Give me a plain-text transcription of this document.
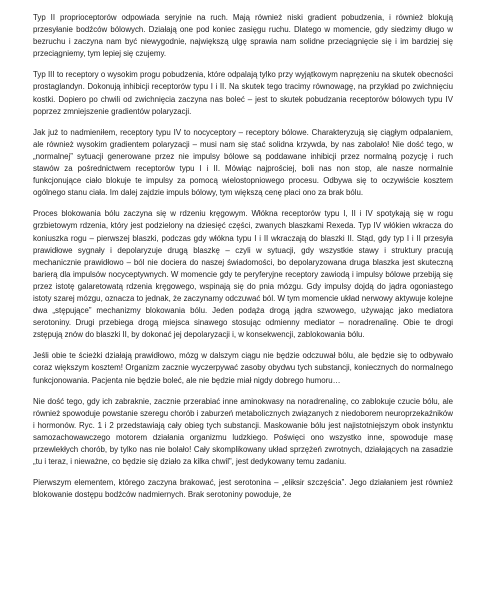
Typ II proprioceptorów odpowiada seryjnie na ruch. Mają również niski gradient pobudzenia, i również blokują przesyłanie bodźców bólowych. Działają one pod koniec zasięgu ruchu. Dlatego w momencie, gdy siedzimy długo w bezruchu i zaczyna nam być niewygodnie, największą ulgę sprawia nam solidne przeciągnięcie się i im bardziej się przeciągniemy, tym lepiej się czujemy.

Typ III to receptory o wysokim progu pobudzenia, które odpalają tylko przy wyjątkowym napręzeniu na skutek obecności prostaglandyn. Dokonują inhibicji receptorów typu I i II. Na skutek tego tracimy równowagę, na przykład po zwichnięciu kostki. Dopiero po chwili od zwichnięcia zaczyna nas boleć – jest to skutek pobudzania receptorów bólowych typu IV poprzez zmniejszenie gradientów polaryzacji.

Jak już to nadmieniłem, receptory typu IV to nocyceptory – receptory bólowe. Charakteryzują się ciągłym odpalaniem, ale również wysokim gradientem polaryzacji – musi nam się stać solidna krzywda, by nas zabolało! Nie dość tego, w „normalnej” sytuacji generowane przez nie impulsy bólowe są poddawane inhibicji przez normalną pozycję i ruch stawów za pośrednictwem receptorów typu I i II. Mówiąc najprościej, boli nas non stop, ale nasze normalnie funkcjonujące ciało blokuje te impulsy za pomocą wielostopniowego procesu. Odbywa się to oczywiście kosztem ogólnego stanu ciała. Im dalej zajdzie impuls bólowy, tym większą cenę płaci ono za brak bólu.

Proces blokowania bólu zaczyna się w rdzeniu kręgowym. Włókna receptorów typu I, II i IV spotykają się w rogu grzbietowym rdzenia, który jest podzielony na dziesięć części, zwanych blaszkami Rexeda. Typ IV włókien wkracza do koniuszka rogu – pierwszej blaszki, podczas gdy włókna typu I i II wkraczają do blaszki II. Stąd, gdy typ I i II przesyła prawidłowe sygnały i depolaryzuje drugą blaszkę – czyli w sytuacji, gdy wszystkie stawy i struktury pracują mechanicznie prawidłowo – ból nie dociera do naszej świadomości, bo depolaryzowana druga blaszka jest skuteczną barierą dla impulsów nocyceptywnych. W momencie gdy te peryferyjne receptory zawiodą i impulsy bólowe przebiją się przez istotę galaretowatą rdzenia kręgowego, wspinają się do pnia mózgu. Gdy impulsy dojdą do jądra ogoniastego istoty szarej mózgu, oznacza to jednak, że zaczynamy odczuwać ból. W tym momencie układ nerwowy aktywuje kolejne dwa „stępujące” mechanizmy blokowania bólu. Jeden podąża drogą jądra szwowego, używając jako mediatora serotoniny. Drugi przebiega drogą miejsca sinawego stosując odmienny mediator – noradrenalinę. Obie te drogi zstępują znów do blaszki II, by dokonać jej depolaryzacji i, w konsekwencji, zablokowania bólu.

Jeśli obie te ścieżki działają prawidłowo, mózg w dalszym ciągu nie będzie odczuwał bólu, ale będzie się to odbywało coraz większym kosztem! Organizm zacznie wyczerpywać zasoby obydwu tych substancji, koniecznych do normalnego funkcjonowania. Pacjenta nie będzie boleć, ale nie będzie miał nigdy dobrego humoru…

Nie dość tego, gdy ich zabraknie, zacznie przerabiać inne aminokwasy na noradrenalinę, co zablokuje czucie bólu, ale również spowoduje powstanie szeregu chorób i zaburzeń metabolicznych związanych z niedoborem neuroprzekaźników i hormonów. Ryc. 1 i 2 przedstawiają cały obieg tych substancji. Maskowanie bólu jest najistotniejszym obok instynktu samozachowawczego motorem działania organizmu ludzkiego. Poświęci ono wszystko inne, spowoduje masę przewlekłych chorób, by tylko nas nie bolało! Cały skomplikowany układ sprzężeń zwrotnych, działających na zasadzie „tu i teraz, i nieważne, co będzie się działo za kilka chwil”, jest dedykowany temu zadaniu.

Pierwszym elementem, którego zaczyna brakować, jest serotonina – „eliksir szczęścia”. Jego działaniem jest również blokowanie dostępu bodźców nadmiernych. Brak serotoniny powoduje, że
